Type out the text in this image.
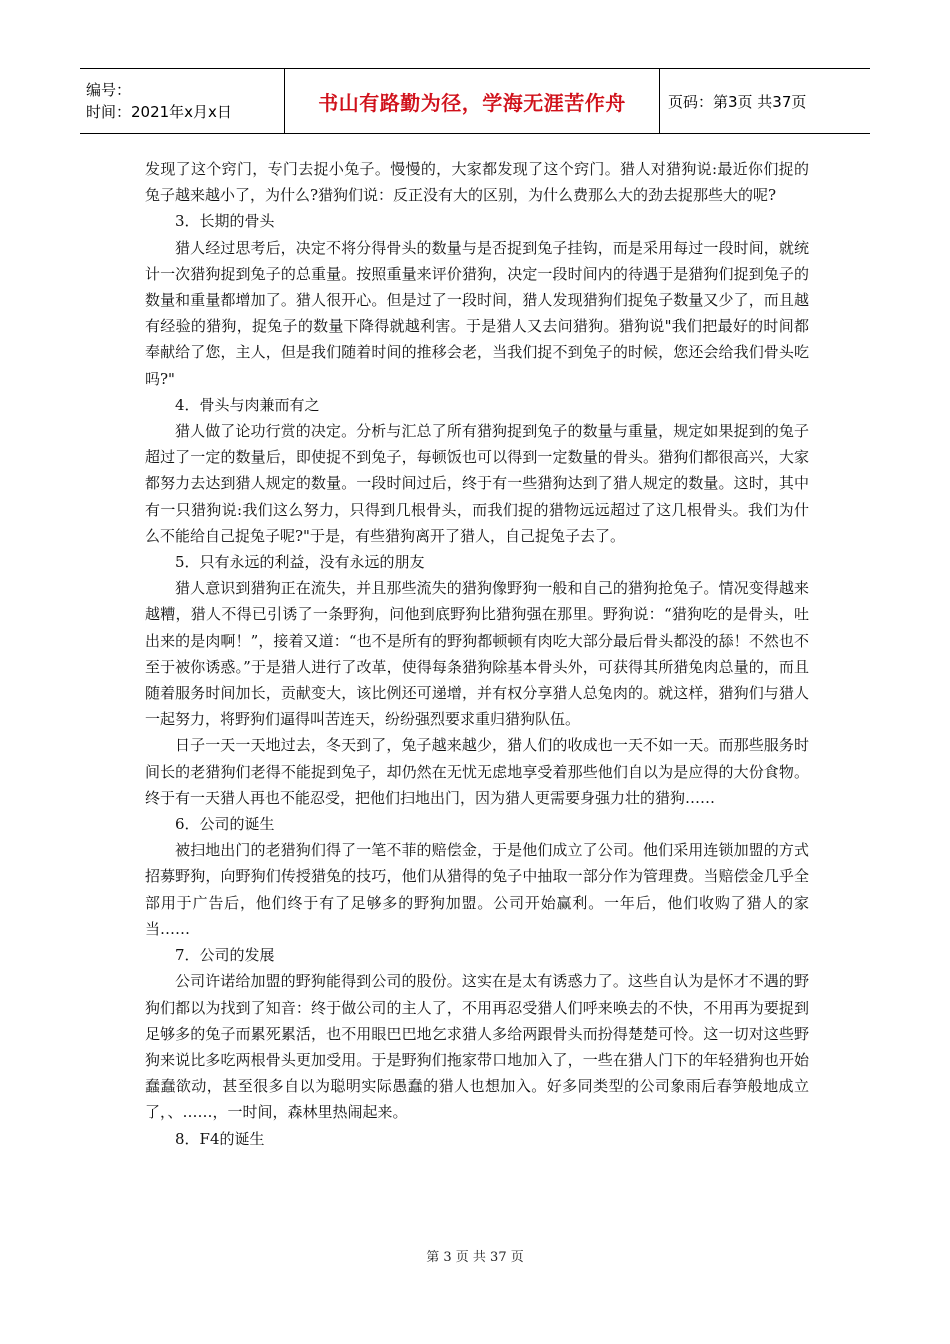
编号：
时间：2021年x月x日	书山有路勤为径，学海无涯苦作舟	页码：第3页 共37页

发现了这个窍门，专门去捉小兔子。慢慢的，大家都发现了这个窍门。猎人对猎狗说:最近你们捉的兔子越来越小了，为什么?猎狗们说：反正没有大的区别，为什么费那么大的劲去捉那些大的呢?

3．长期的骨头

猎人经过思考后，决定不将分得骨头的数量与是否捉到兔子挂钩，而是采用每过一段时间，就统计一次猎狗捉到兔子的总重量。按照重量来评价猎狗，决定一段时间内的待遇于是猎狗们捉到兔子的数量和重量都增加了。猎人很开心。但是过了一段时间，猎人发现猎狗们捉兔子数量又少了，而且越有经验的猎狗，捉兔子的数量下降得就越利害。于是猎人又去问猎狗。猎狗说"我们把最好的时间都奉献给了您，主人，但是我们随着时间的推移会老，当我们捉不到兔子的时候，您还会给我们骨头吃吗?"

4．骨头与肉兼而有之

猎人做了论功行赏的决定。分析与汇总了所有猎狗捉到兔子的数量与重量，规定如果捉到的兔子超过了一定的数量后，即使捉不到兔子，每顿饭也可以得到一定数量的骨头。猎狗们都很高兴，大家都努力去达到猎人规定的数量。一段时间过后，终于有一些猎狗达到了猎人规定的数量。这时，其中有一只猎狗说:我们这么努力，只得到几根骨头，而我们捉的猎物远远超过了这几根骨头。我们为什么不能给自己捉兔子呢?"于是，有些猎狗离开了猎人，自己捉兔子去了。

5．只有永远的利益，没有永远的朋友

猎人意识到猎狗正在流失，并且那些流失的猎狗像野狗一般和自己的猎狗抢兔子。情况变得越来越糟，猎人不得已引诱了一条野狗，问他到底野狗比猎狗强在那里。野狗说：“猎狗吃的是骨头，吐出来的是肉啊！”，接着又道：“也不是所有的野狗都顿顿有肉吃大部分最后骨头都没的舔！不然也不至于被你诱惑。”于是猎人进行了改革，使得每条猎狗除基本骨头外，可获得其所猎兔肉总量的，而且随着服务时间加长，贡献变大，该比例还可递增，并有权分享猎人总兔肉的。就这样，猎狗们与猎人一起努力，将野狗们逼得叫苦连天，纷纷强烈要求重归猎狗队伍。

日子一天一天地过去，冬天到了，兔子越来越少，猎人们的收成也一天不如一天。而那些服务时间长的老猎狗们老得不能捉到兔子，却仍然在无忧无虑地享受着那些他们自以为是应得的大份食物。终于有一天猎人再也不能忍受，把他们扫地出门，因为猎人更需要身强力壮的猎狗……

6．公司的诞生

被扫地出门的老猎狗们得了一笔不菲的赔偿金，于是他们成立了公司。他们采用连锁加盟的方式招募野狗，向野狗们传授猎兔的技巧，他们从猎得的兔子中抽取一部分作为管理费。当赔偿金几乎全部用于广告后，他们终于有了足够多的野狗加盟。公司开始赢利。一年后，他们收购了猎人的家当……

7．公司的发展

公司许诺给加盟的野狗能得到公司的股份。这实在是太有诱惑力了。这些自认为是怀才不遇的野狗们都以为找到了知音：终于做公司的主人了，不用再忍受猎人们呼来唤去的不快，不用再为要捉到足够多的兔子而累死累活，也不用眼巴巴地乞求猎人多给两跟骨头而扮得楚楚可怜。这一切对这些野狗来说比多吃两根骨头更加受用。于是野狗们拖家带口地加入了，一些在猎人门下的年轻猎狗也开始蠢蠢欲动，甚至很多自以为聪明实际愚蠢的猎人也想加入。好多同类型的公司象雨后春笋般地成立了，、……，一时间，森林里热闹起来。

8．F4的诞生

第 3 页 共 37 页
